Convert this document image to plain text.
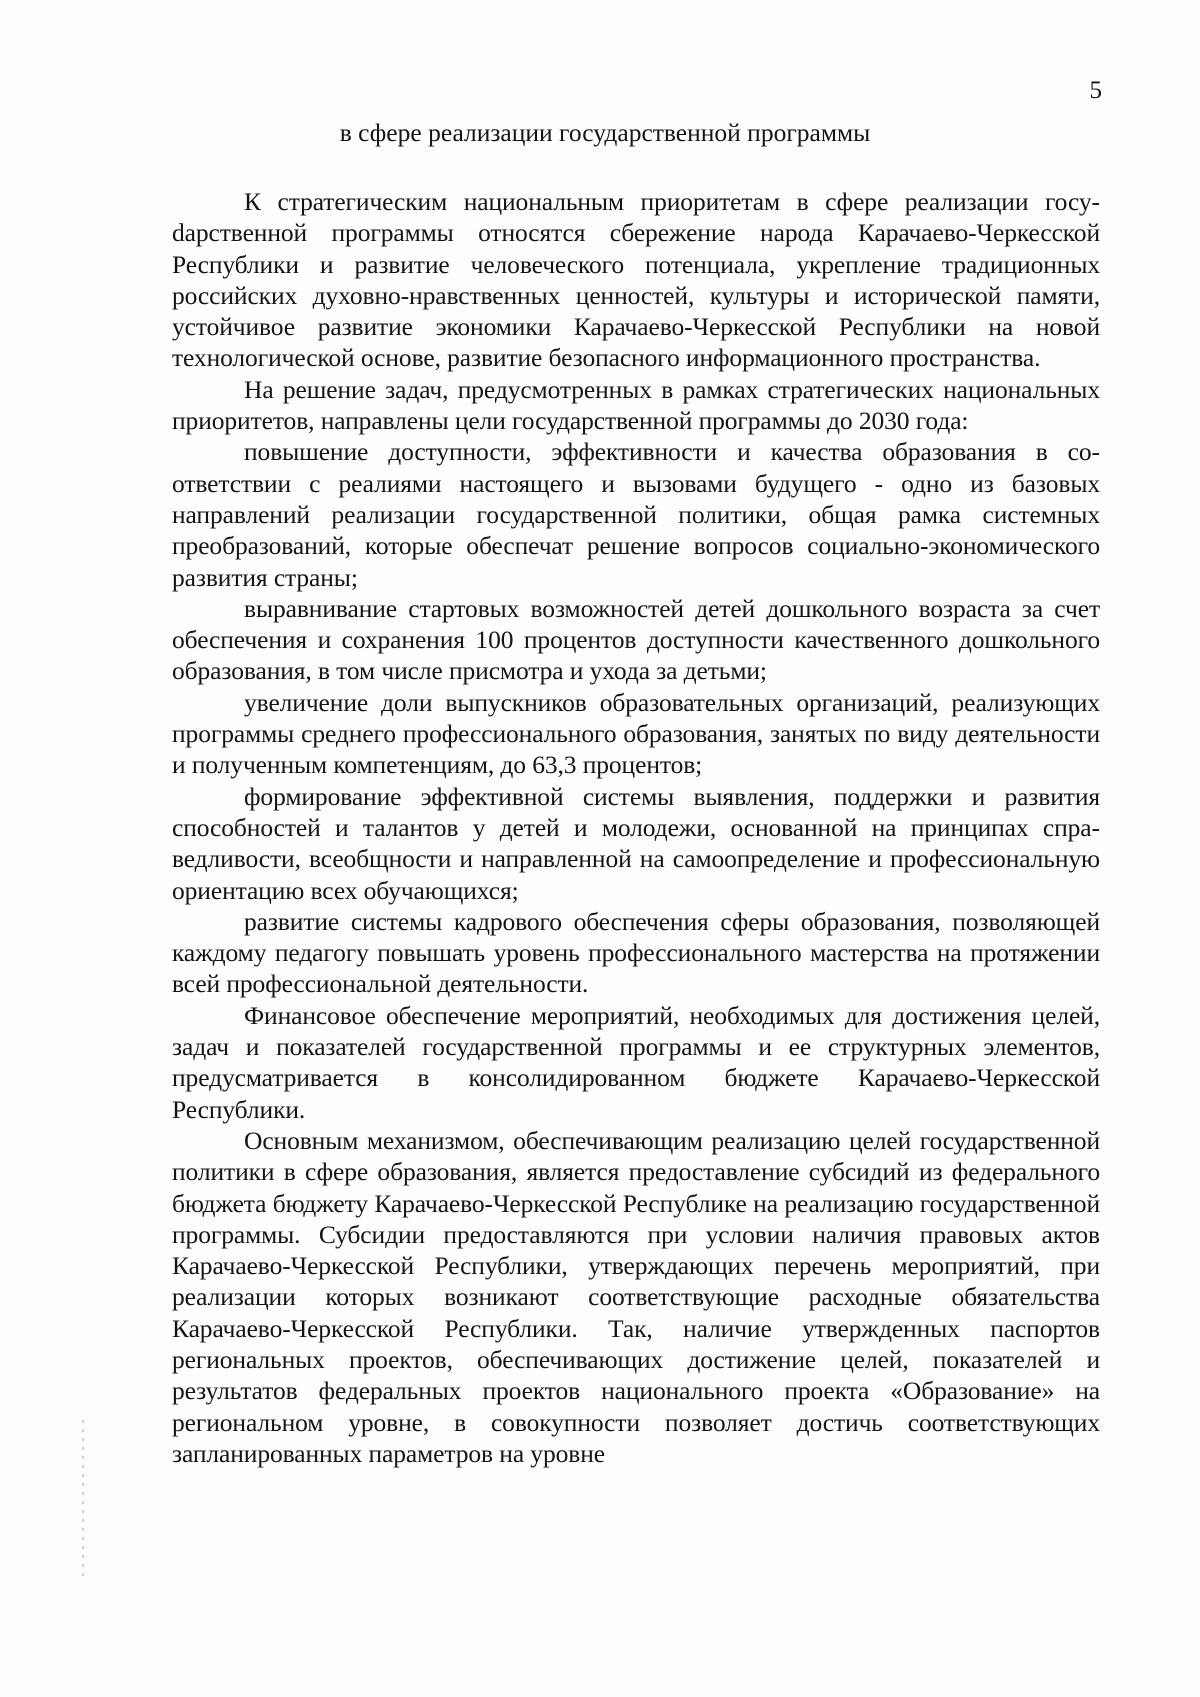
5
в сфере реализации государственной программы

К стратегическим национальным приоритетам в сфере реализации госуdарственной программы относятся сбережение народа Карачаево-Черкесской Республики и развитие человеческого потенциала, укрепление традиционных российских духовно-нравственных ценностей, культуры и исторической памяти, устойчивое развитие экономики Карачаево-Черкесской Республики на новой технологической основе, развитие безопасного информационного пространства.

На решение задач, предусмотренных в рамках стратегических национальных приоритетов, направлены цели государственной программы до 2030 года:

повышение доступности, эффективности и качества образования в соответствии с реалиями настоящего и вызовами будущего - одно из базовых направлений реализации государственной политики, общая рамка системных преобразований, которые обеспечат решение вопросов социально-экономического развития страны;

выравнивание стартовых возможностей детей дошкольного возраста за счет обеспечения и сохранения 100 процентов доступности качественного дошкольного образования, в том числе присмотра и ухода за детьми;

увеличение доли выпускников образовательных организаций, реализующих программы среднего профессионального образования, занятых по виду деятельности и полученным компетенциям, до 63,3 процентов;

формирование эффективной системы выявления, поддержки и развития способностей и талантов у детей и молодежи, основанной на принципах справедливости, всеобщности и направленной на самоопределение и профессиональную ориентацию всех обучающихся;

развитие системы кадрового обеспечения сферы образования, позволяющей каждому педагогу повышать уровень профессионального мастерства на протяжении всей профессиональной деятельности.

Финансовое обеспечение мероприятий, необходимых для достижения целей, задач и показателей государственной программы и ее структурных элементов, предусматривается в консолидированном бюджете Карачаево-Черкесской Республики.

Основным механизмом, обеспечивающим реализацию целей государственной политики в сфере образования, является предоставление субсидий из федерального бюджета бюджету Карачаево-Черкесской Республике на реализацию государственной программы. Субсидии предоставляются при условии наличия правовых актов Карачаево-Черкесской Республики, утверждающих перечень мероприятий, при реализации которых возникают соответствующие расходные обязательства Карачаево-Черкесской Республики. Так, наличие утвержденных паспортов региональных проектов, обеспечивающих достижение целей, показателей и результатов федеральных проектов национального проекта «Образование» на региональном уровне, в совокупности позволяет достичь соответствующих запланированных параметров на уровне
